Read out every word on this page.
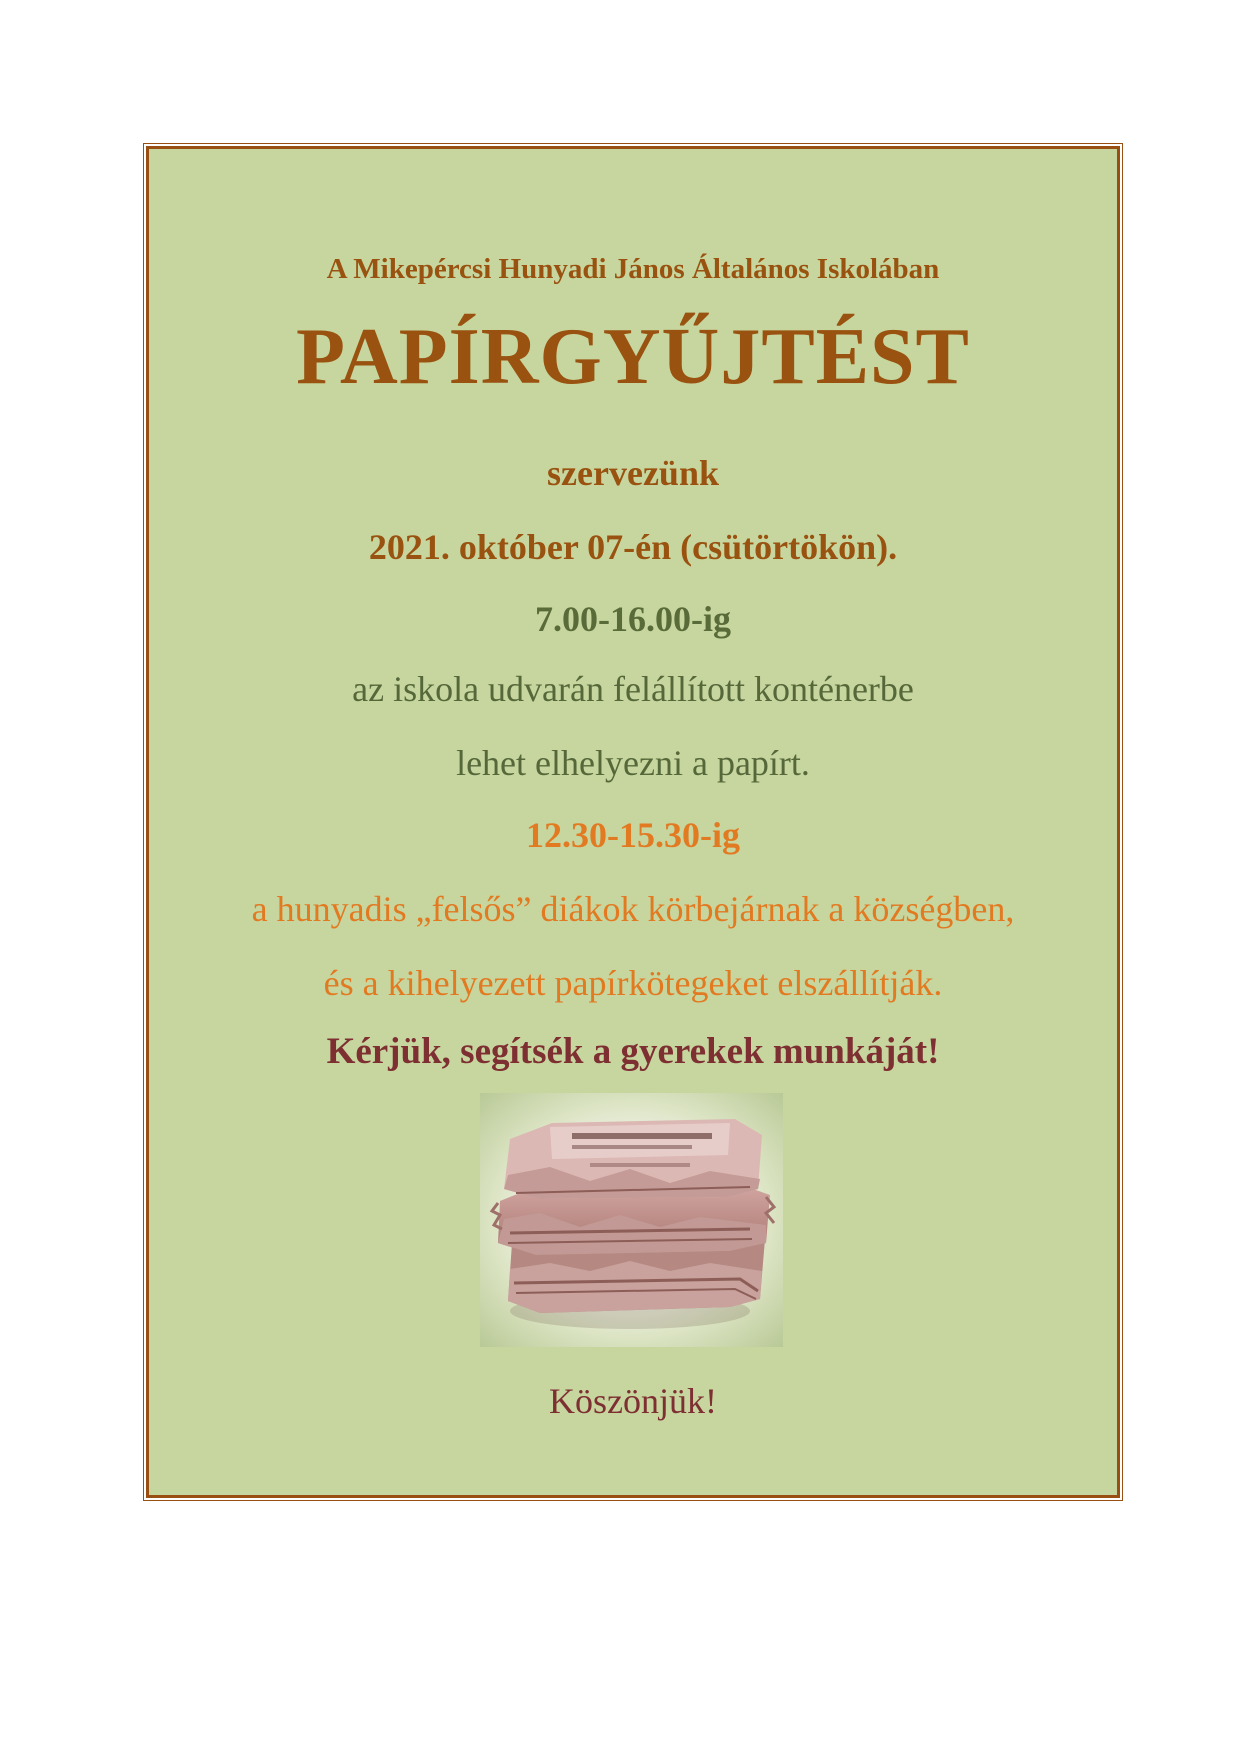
A Mikepércsi Hunyadi János Általános Iskolában
PAPÍRGYŰJTÉST
szervezünk
2021. október 07-én (csütörtökön).
7.00-16.00-ig
az iskola udvarán felállított konténerbe
lehet elhelyezni a papírt.
12.30-15.30-ig
a hunyadis „felsős” diákok körbejárnak a községben,
és a kihelyezett papírkötegeket elszállítják.
Kérjük, segítsék a gyerekek munkáját!
Köszönjük!
